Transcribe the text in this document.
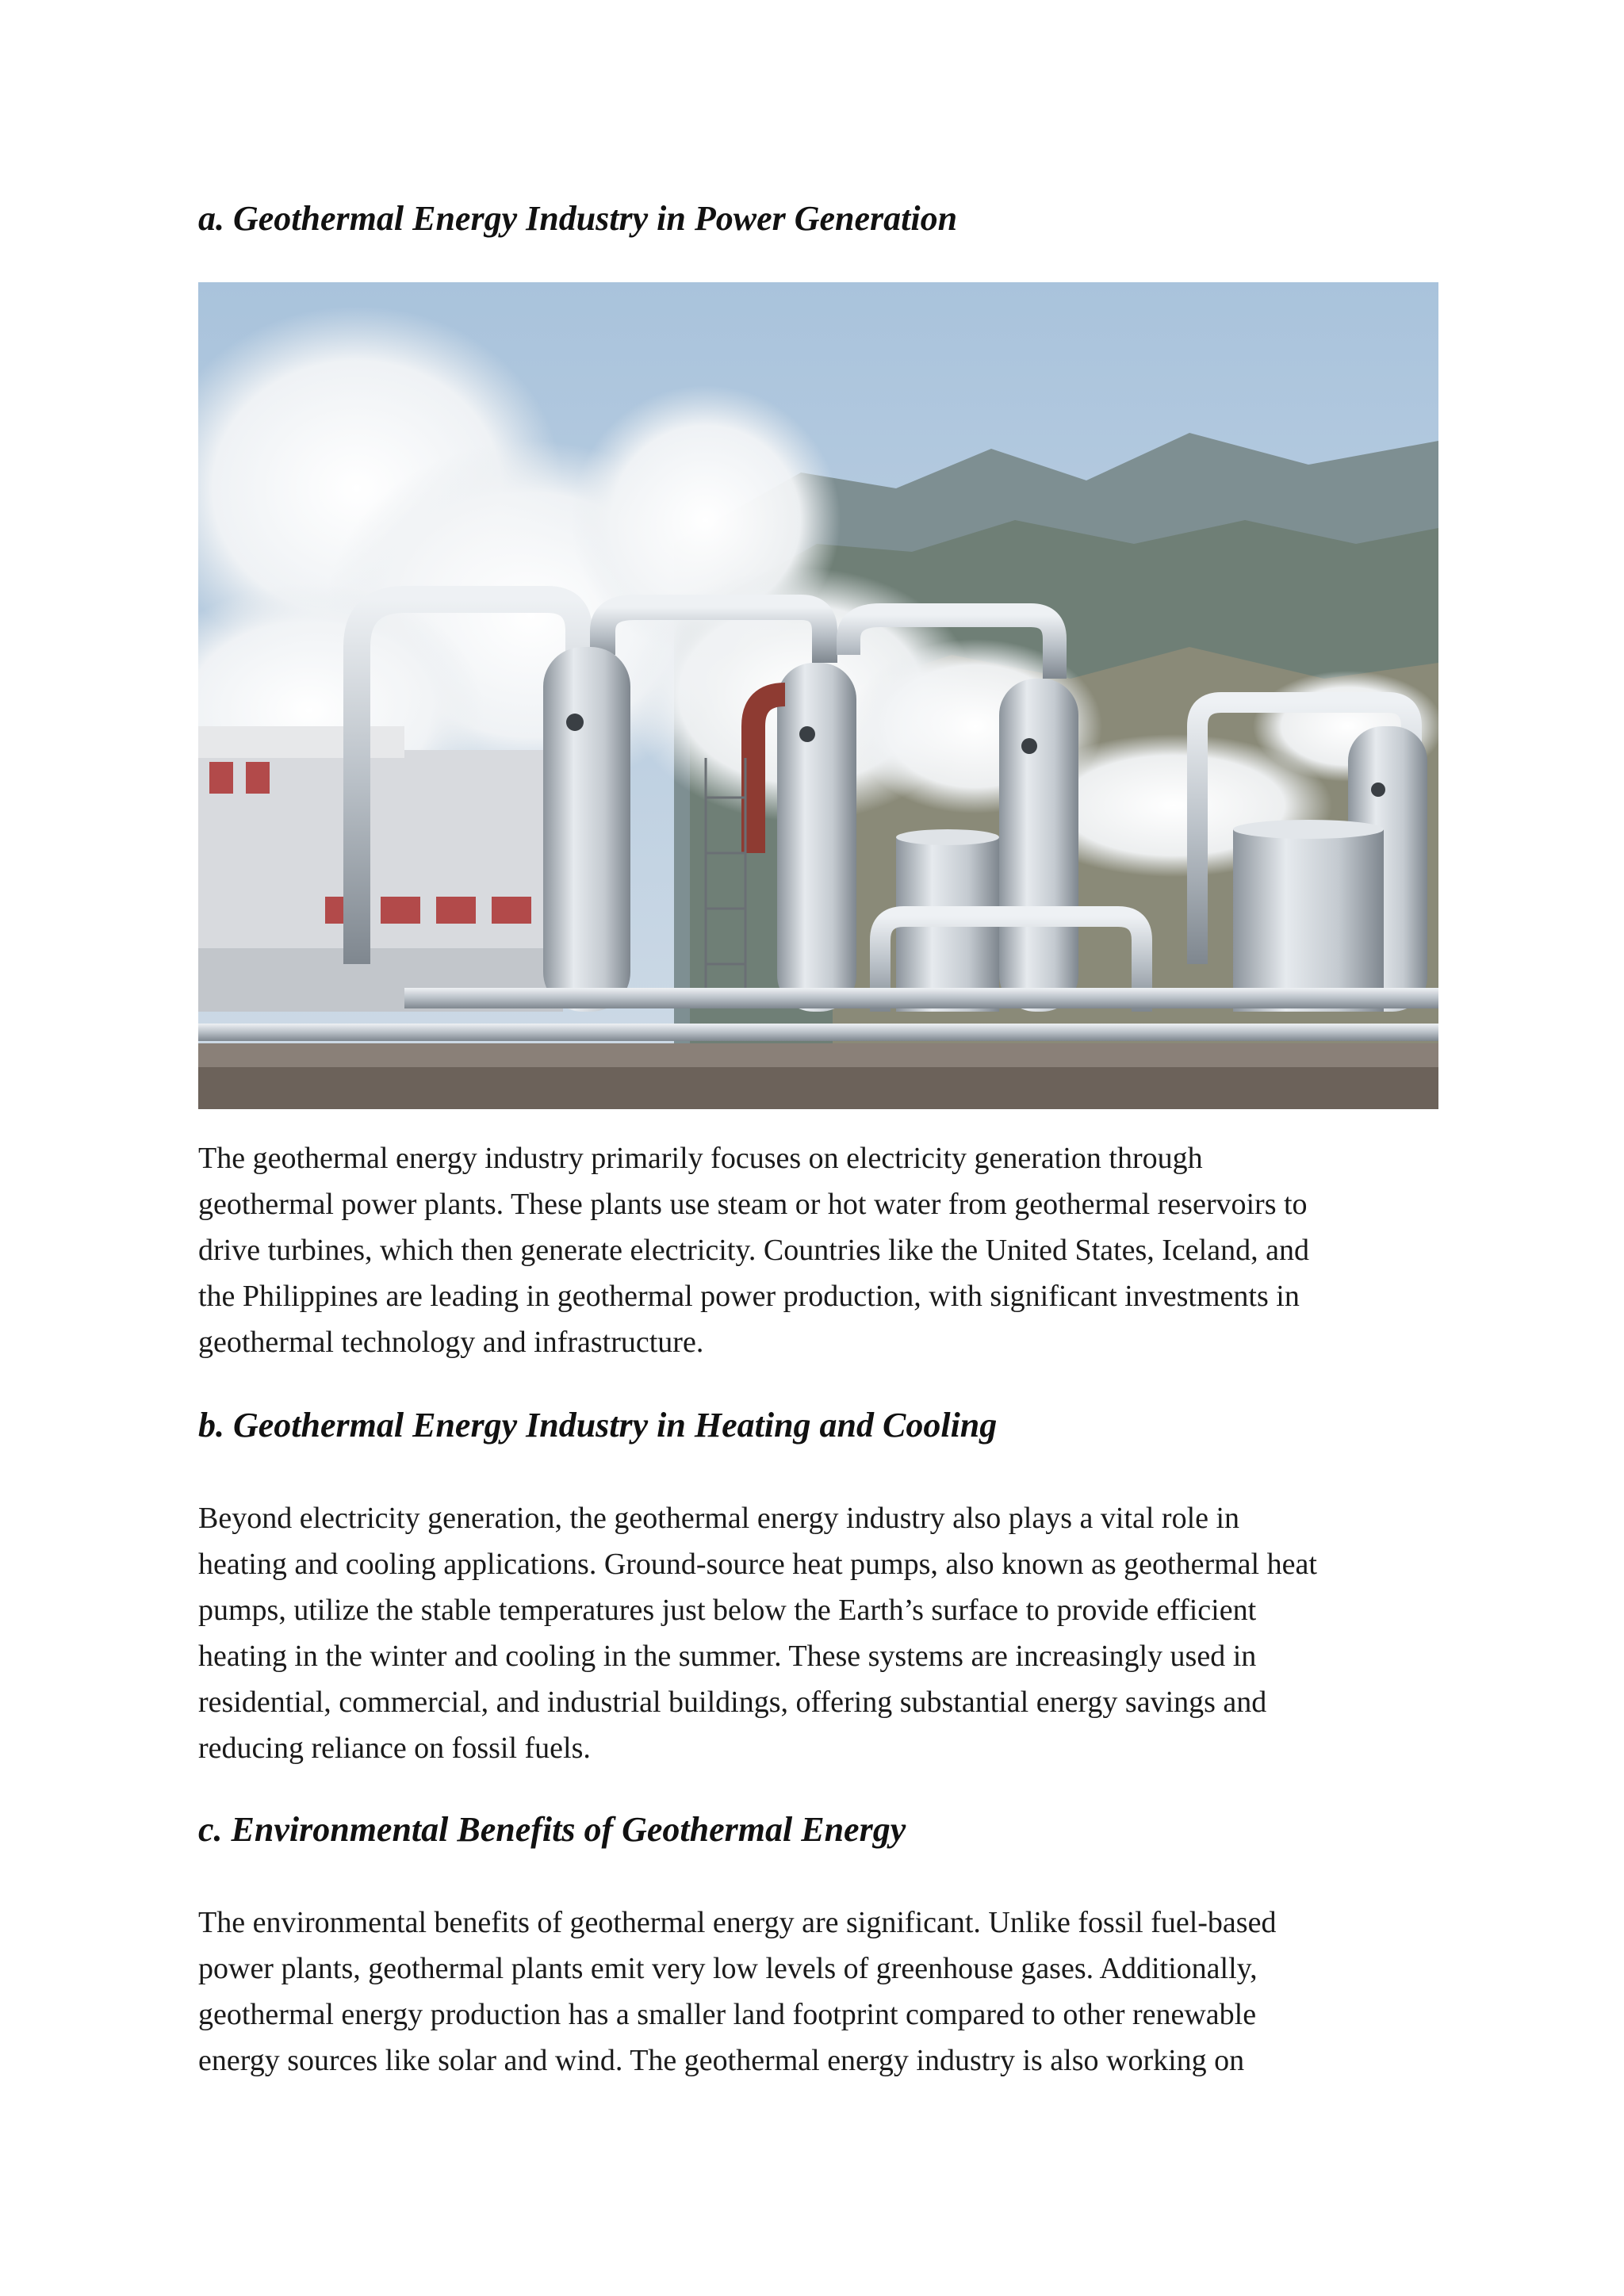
a. Geothermal Energy Industry in Power Generation

The geothermal energy industry primarily focuses on electricity generation through
geothermal power plants. These plants use steam or hot water from geothermal reservoirs to
drive turbines, which then generate electricity. Countries like the United States, Iceland, and
the Philippines are leading in geothermal power production, with significant investments in
geothermal technology and infrastructure.

b. Geothermal Energy Industry in Heating and Cooling

Beyond electricity generation, the geothermal energy industry also plays a vital role in
heating and cooling applications. Ground-source heat pumps, also known as geothermal heat
pumps, utilize the stable temperatures just below the Earth’s surface to provide efficient
heating in the winter and cooling in the summer. These systems are increasingly used in
residential, commercial, and industrial buildings, offering substantial energy savings and
reducing reliance on fossil fuels.

c. Environmental Benefits of Geothermal Energy

The environmental benefits of geothermal energy are significant. Unlike fossil fuel-based
power plants, geothermal plants emit very low levels of greenhouse gases. Additionally,
geothermal energy production has a smaller land footprint compared to other renewable
energy sources like solar and wind. The geothermal energy industry is also working on
